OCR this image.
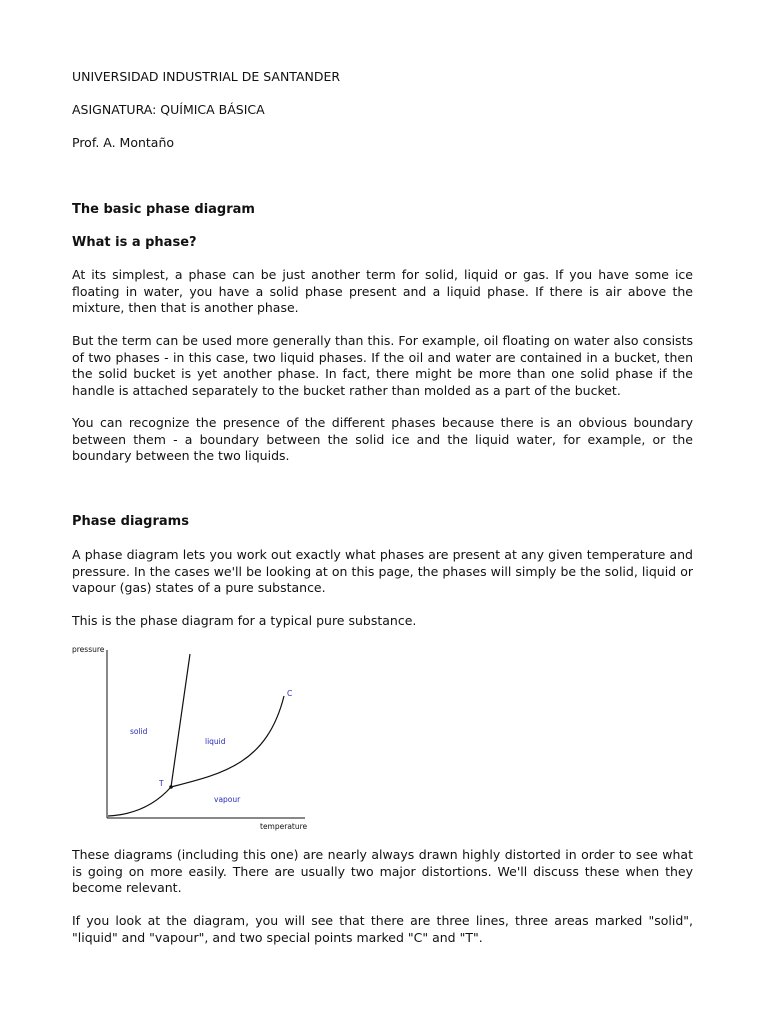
UNIVERSIDAD INDUSTRIAL DE SANTANDER
ASIGNATURA: QUÍMICA BÁSICA
Prof. A. Montaño
The basic phase diagram
What is a phase?
At its simplest, a phase can be just another term for solid, liquid or gas. If you have some ice floating in water, you have a solid phase present and a liquid phase. If there is air above the mixture, then that is another phase.
But the term can be used more generally than this. For example, oil floating on water also consists of two phases - in this case, two liquid phases. If the oil and water are contained in a bucket, then the solid bucket is yet another phase. In fact, there might be more than one solid phase if the handle is attached separately to the bucket rather than molded as a part of the bucket.
You can recognize the presence of the different phases because there is an obvious boundary between them - a boundary between the solid ice and the liquid water, for example, or the boundary between the two liquids.
Phase diagrams
A phase diagram lets you work out exactly what phases are present at any given temperature and pressure. In the cases we'll be looking at on this page, the phases will simply be the solid, liquid or vapour (gas) states of a pure substance.
This is the phase diagram for a typical pure substance.
pressure
temperature
solid
liquid
vapour
T
C
These diagrams (including this one) are nearly always drawn highly distorted in order to see what is going on more easily. There are usually two major distortions. We'll discuss these when they become relevant.
If you look at the diagram, you will see that there are three lines, three areas marked "solid", "liquid" and "vapour", and two special points marked "C" and "T".
